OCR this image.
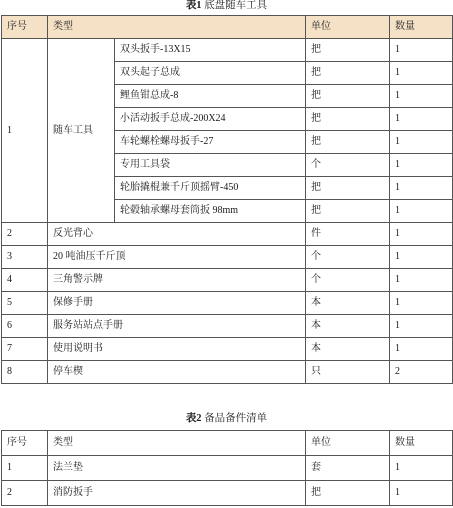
表1 底盘随车工具
序号	类型		单位	数量
1	随车工具	双头扳手-13X15	把	1
		双头起子总成	把	1
		鲤鱼钳总成-8	把	1
		小活动扳手总成-200X24	把	1
		车轮螺栓螺母扳手-27	把	1
		专用工具袋	个	1
		轮胎撬棍兼千斤顶摇臂-450	把	1
		轮毂轴承螺母套筒扳 98mm	把	1
2	反光背心		件	1
3	20 吨油压千斤顶		个	1
4	三角警示牌		个	1
5	保修手册		本	1
6	服务站站点手册		本	1
7	使用说明书		本	1
8	停车楔		只	2
表2 备品备件清单
序号	类型	单位	数量
1	法兰垫	套	1
2	消防扳手	把	1
